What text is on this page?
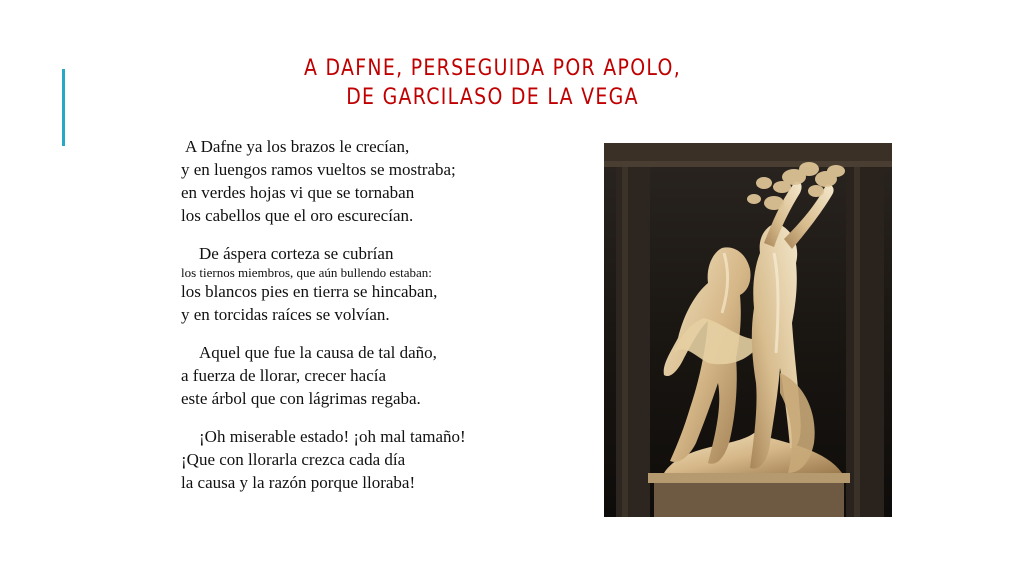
A DAFNE, PERSEGUIDA POR APOLO,
DE GARCILASO DE LA VEGA
A Dafne ya los brazos le crecían,
y en luengos ramos vueltos se mostraba;
en verdes hojas vi que se tornaban
los cabellos que el oro escurecían.
De áspera corteza se cubrían
los tiernos miembros, que aún bullendo estaban:
los blancos pies en tierra se hincaban,
y en torcidas raíces se volvían.
Aquel que fue la causa de tal daño,
a fuerza de llorar, crecer hacía
este árbol que con lágrimas regaba.
¡Oh miserable estado! ¡oh mal tamaño!
¡Que con llorarla crezca cada día
la causa y la razón porque lloraba!
